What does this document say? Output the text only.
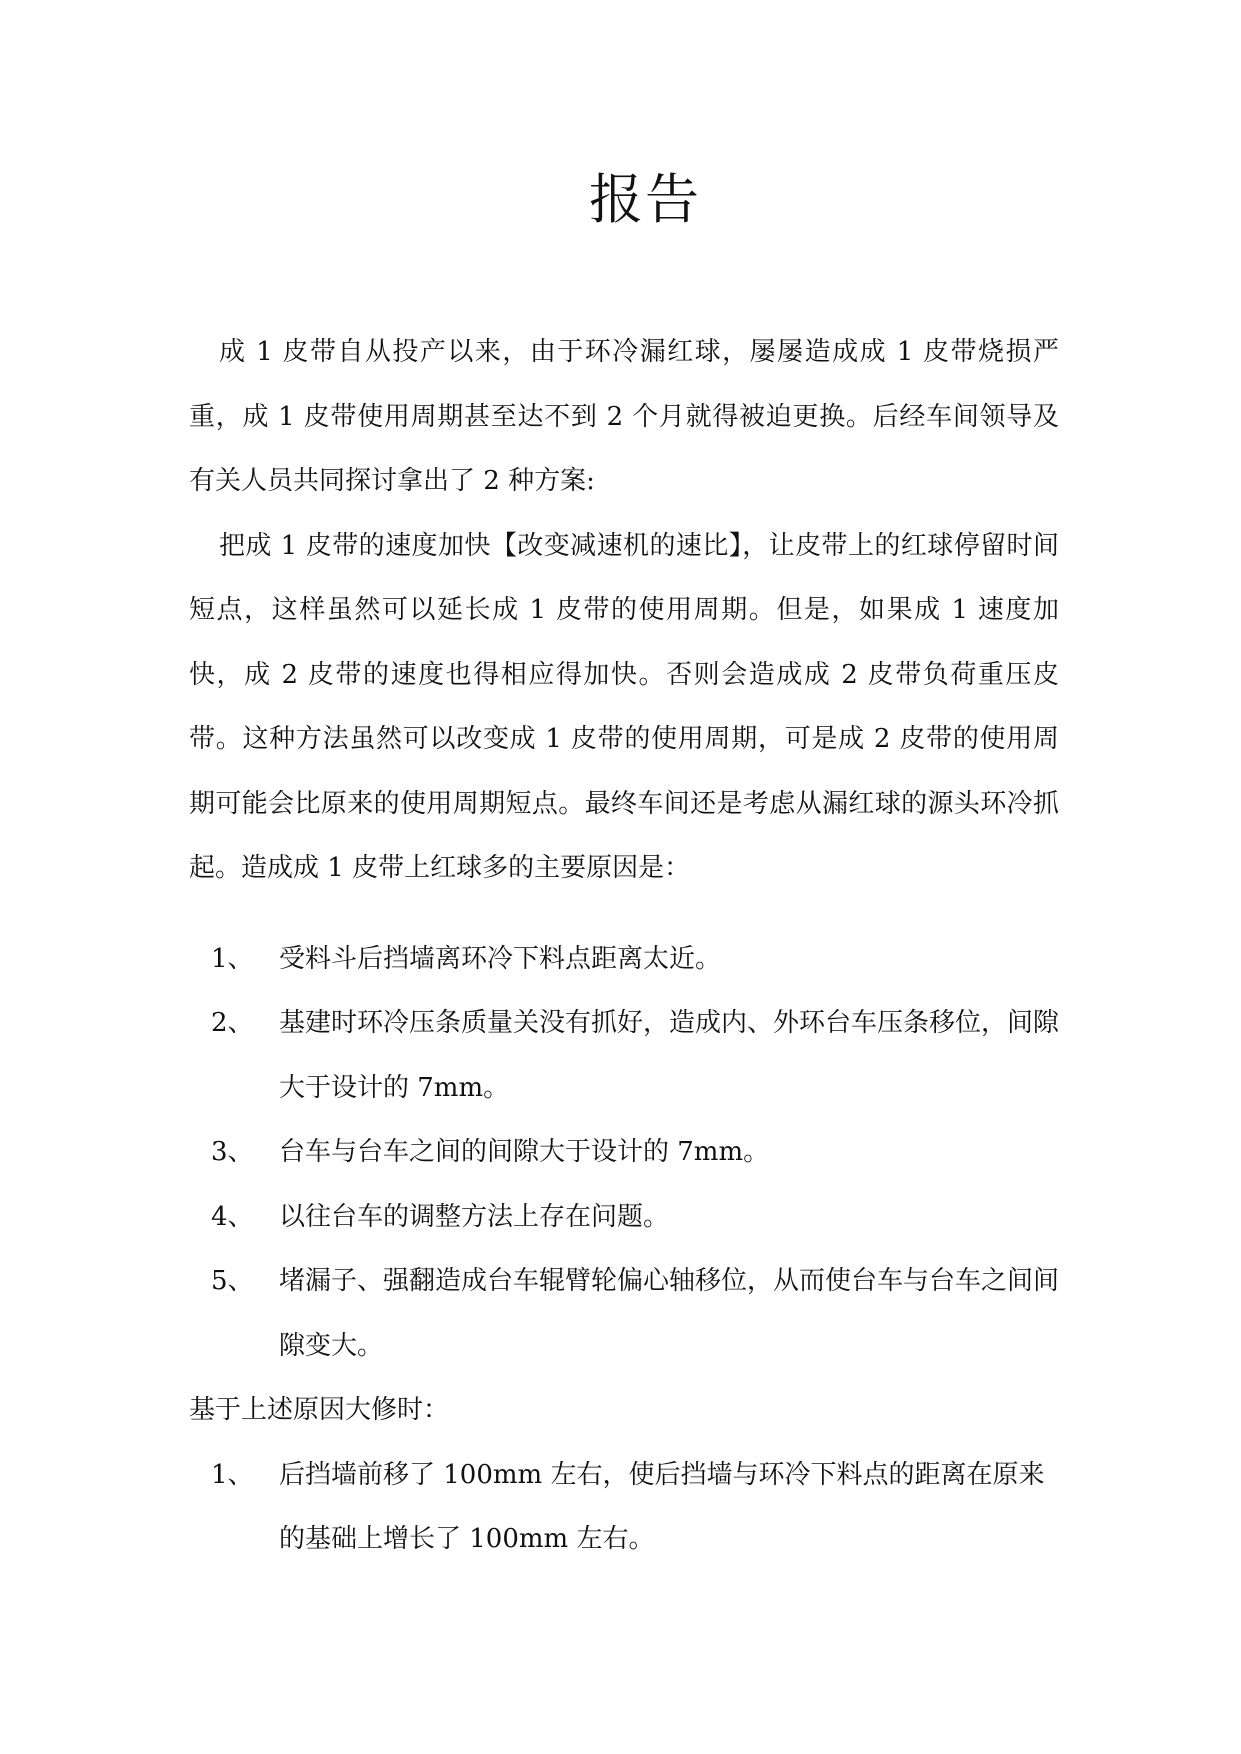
报告

成 1 皮带自从投产以来，由于环冷漏红球，屡屡造成成 1 皮带烧损严重，成 1 皮带使用周期甚至达不到 2 个月就得被迫更换。后经车间领导及有关人员共同探讨拿出了 2 种方案:

把成 1 皮带的速度加快【改变减速机的速比】，让皮带上的红球停留时间短点，这样虽然可以延长成 1 皮带的使用周期。但是，如果成 1 速度加快，成 2 皮带的速度也得相应得加快。否则会造成成 2 皮带负荷重压皮带。这种方法虽然可以改变成 1 皮带的使用周期，可是成 2 皮带的使用周期可能会比原来的使用周期短点。最终车间还是考虑从漏红球的源头环冷抓起。造成成 1 皮带上红球多的主要原因是：

1、 受料斗后挡墙离环冷下料点距离太近。
2、 基建时环冷压条质量关没有抓好，造成内、外环台车压条移位，间隙大于设计的 7mm。
3、 台车与台车之间的间隙大于设计的 7mm。
4、 以往台车的调整方法上存在问题。
5、 堵漏子、强翻造成台车辊臂轮偏心轴移位，从而使台车与台车之间间隙变大。

基于上述原因大修时：

1、 后挡墙前移了 100mm 左右，使后挡墙与环冷下料点的距离在原来的基础上增长了 100mm 左右。
